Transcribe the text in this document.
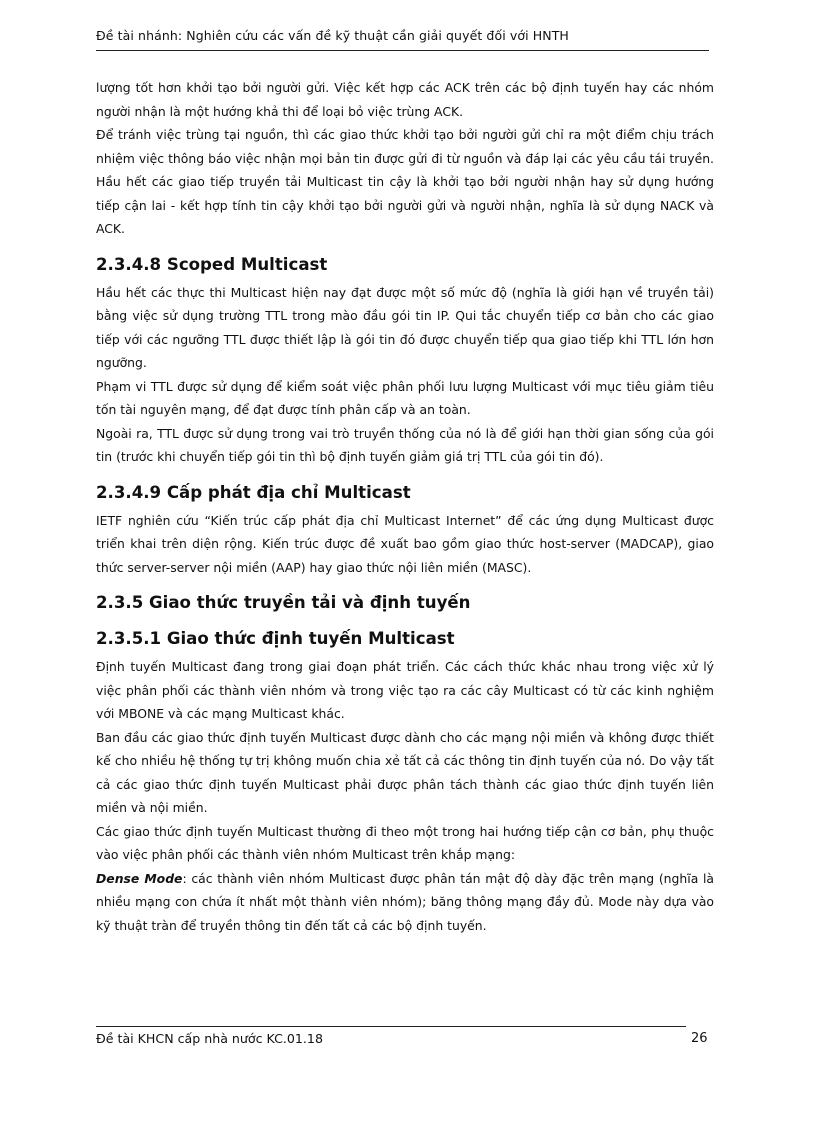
Đề tài nhánh: Nghiên cứu các vấn đề kỹ thuật cần giải quyết đối với HNTH

lượng tốt hơn khởi tạo bởi người gửi. Việc kết hợp các ACK trên các bộ định tuyến hay các nhóm người nhận là một hướng khả thi để loại bỏ việc trùng ACK.

Để tránh việc trùng tại nguồn, thì các giao thức khởi tạo bởi người gửi chỉ ra một điểm chịu trách nhiệm việc thông báo việc nhận mọi bản tin được gửi đi từ nguồn và đáp lại các yêu cầu tái truyền. Hầu hết các giao tiếp truyền tải Multicast tin cậy là khởi tạo bởi người nhận hay sử dụng hướng tiếp cận lai - kết hợp tính tin cậy khởi tạo bởi người gửi và người nhận, nghĩa là sử dụng NACK và ACK.

2.3.4.8 Scoped Multicast

Hầu hết các thực thi Multicast hiện nay đạt được một số mức độ (nghĩa là giới hạn về truyền tải) bằng việc sử dụng trường TTL trong mào đầu gói tin IP. Qui tắc chuyển tiếp cơ bản cho các giao tiếp với các ngưỡng TTL được thiết lập là gói tin đó được chuyển tiếp qua giao tiếp khi TTL lớn hơn ngưỡng.

Phạm vi TTL được sử dụng để kiểm soát việc phân phối lưu lượng Multicast với mục tiêu giảm tiêu tốn tài nguyên mạng, để đạt được tính phân cấp và an toàn.

Ngoài ra, TTL được sử dụng trong vai trò truyền thống của nó là để giới hạn thời gian sống của gói tin (trước khi chuyển tiếp gói tin thì bộ định tuyến giảm giá trị TTL của gói tin đó).

2.3.4.9 Cấp phát địa chỉ Multicast

IETF nghiên cứu “Kiến trúc cấp phát địa chỉ Multicast Internet” để các ứng dụng Multicast được triển khai trên diện rộng. Kiến trúc được đề xuất bao gồm giao thức host-server (MADCAP), giao thức server-server nội miền (AAP) hay giao thức nội liên miền (MASC).

2.3.5 Giao thức truyền tải và định tuyến
2.3.5.1 Giao thức định tuyến Multicast

Định tuyến Multicast đang trong giai đoạn phát triển. Các cách thức khác nhau trong việc xử lý việc phân phối các thành viên nhóm và trong việc tạo ra các cây Multicast có từ các kinh nghiệm với MBONE và các mạng Multicast khác.

Ban đầu các giao thức định tuyến Multicast được dành cho các mạng nội miền và không được thiết kế cho nhiều hệ thống tự trị không muốn chia xẻ tất cả các thông tin định tuyến của nó. Do vậy tất cả các giao thức định tuyến Multicast phải được phân tách thành các giao thức định tuyến liên miền và nội miền.

Các giao thức định tuyến Multicast thường đi theo một trong hai hướng tiếp cận cơ bản, phụ thuộc vào việc phân phối các thành viên nhóm Multicast trên khắp mạng:

Dense Mode: các thành viên nhóm Multicast được phân tán mật độ dày đặc trên mạng (nghĩa là nhiều mạng con chứa ít nhất một thành viên nhóm); băng thông mạng đầy đủ. Mode này dựa vào kỹ thuật tràn để truyền thông tin đến tất cả các bộ định tuyến.

Đề tài KHCN cấp nhà nước KC.01.18	26
